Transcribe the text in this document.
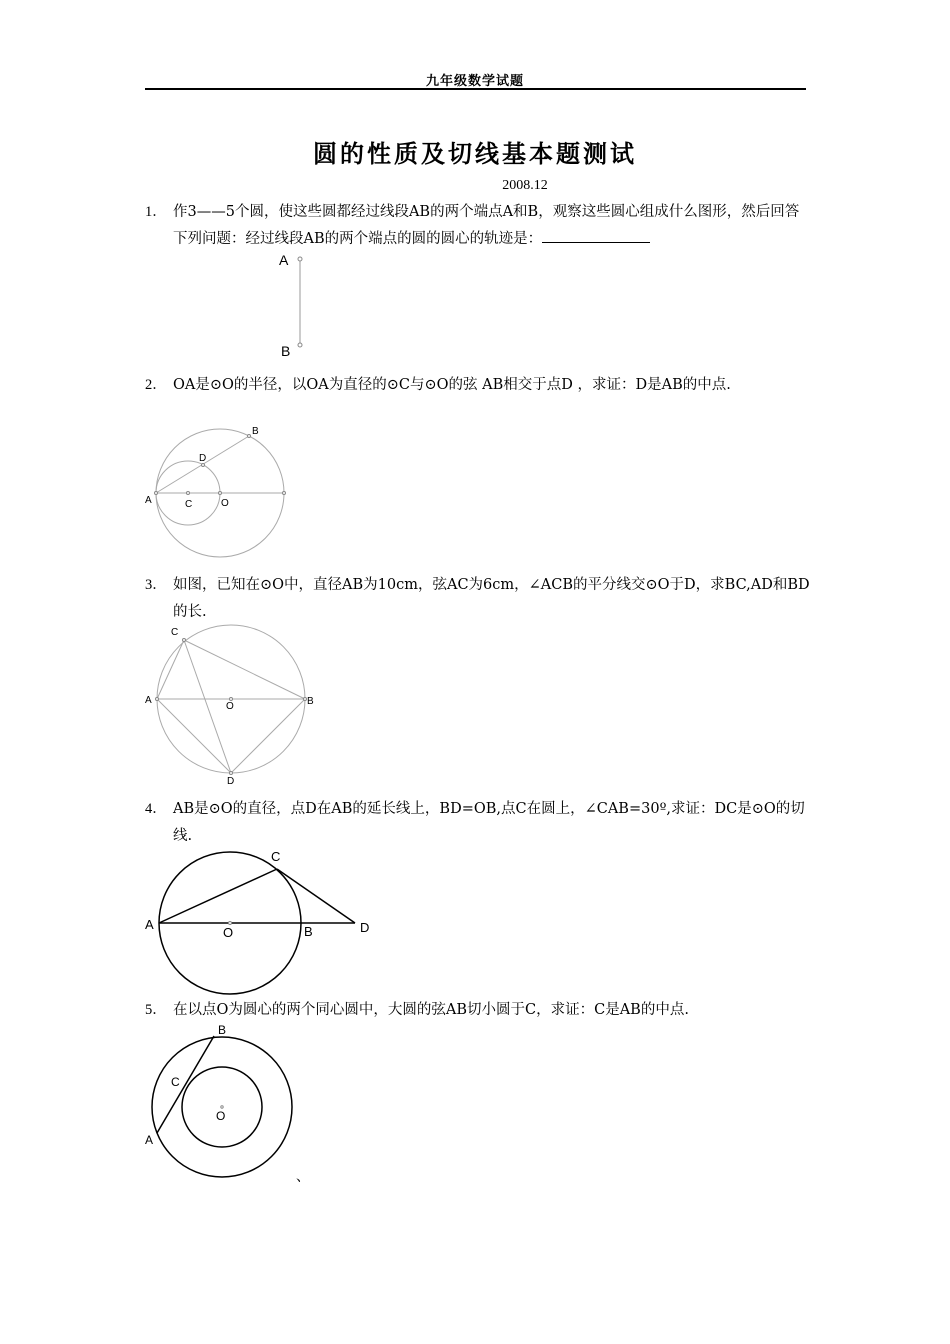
九年级数学试题
圆的性质及切线基本题测试
2008.12
1． 作3——5个圆，使这些圆都经过线段AB的两个端点A和B，观察这些圆心组成什么图形，然后回答下列问题：经过线段AB的两个端点的圆的圆心的轨迹是：
A
B
2． OA是⊙O的半径，以OA为直径的⊙C与⊙O的弦 AB相交于点D ，求证：D是AB的中点.
A
B
C
D
O
3． 如图，已知在⊙O中，直径AB为10cm，弦AC为6cm，∠ACB的平分线交⊙O于D，求BC,AD和BD的长.
A	B
C
D
O
4． AB是⊙O的直径，点D在AB的延长线上，BD=OB,点C在圆上，∠CAB=30º,求证：DC是⊙O的切线.
A	B
C
D
O
5． 在以点O为圆心的两个同心圆中，大圆的弦AB切小圆于C，求证：C是AB的中点.
A
B
C
O
、
